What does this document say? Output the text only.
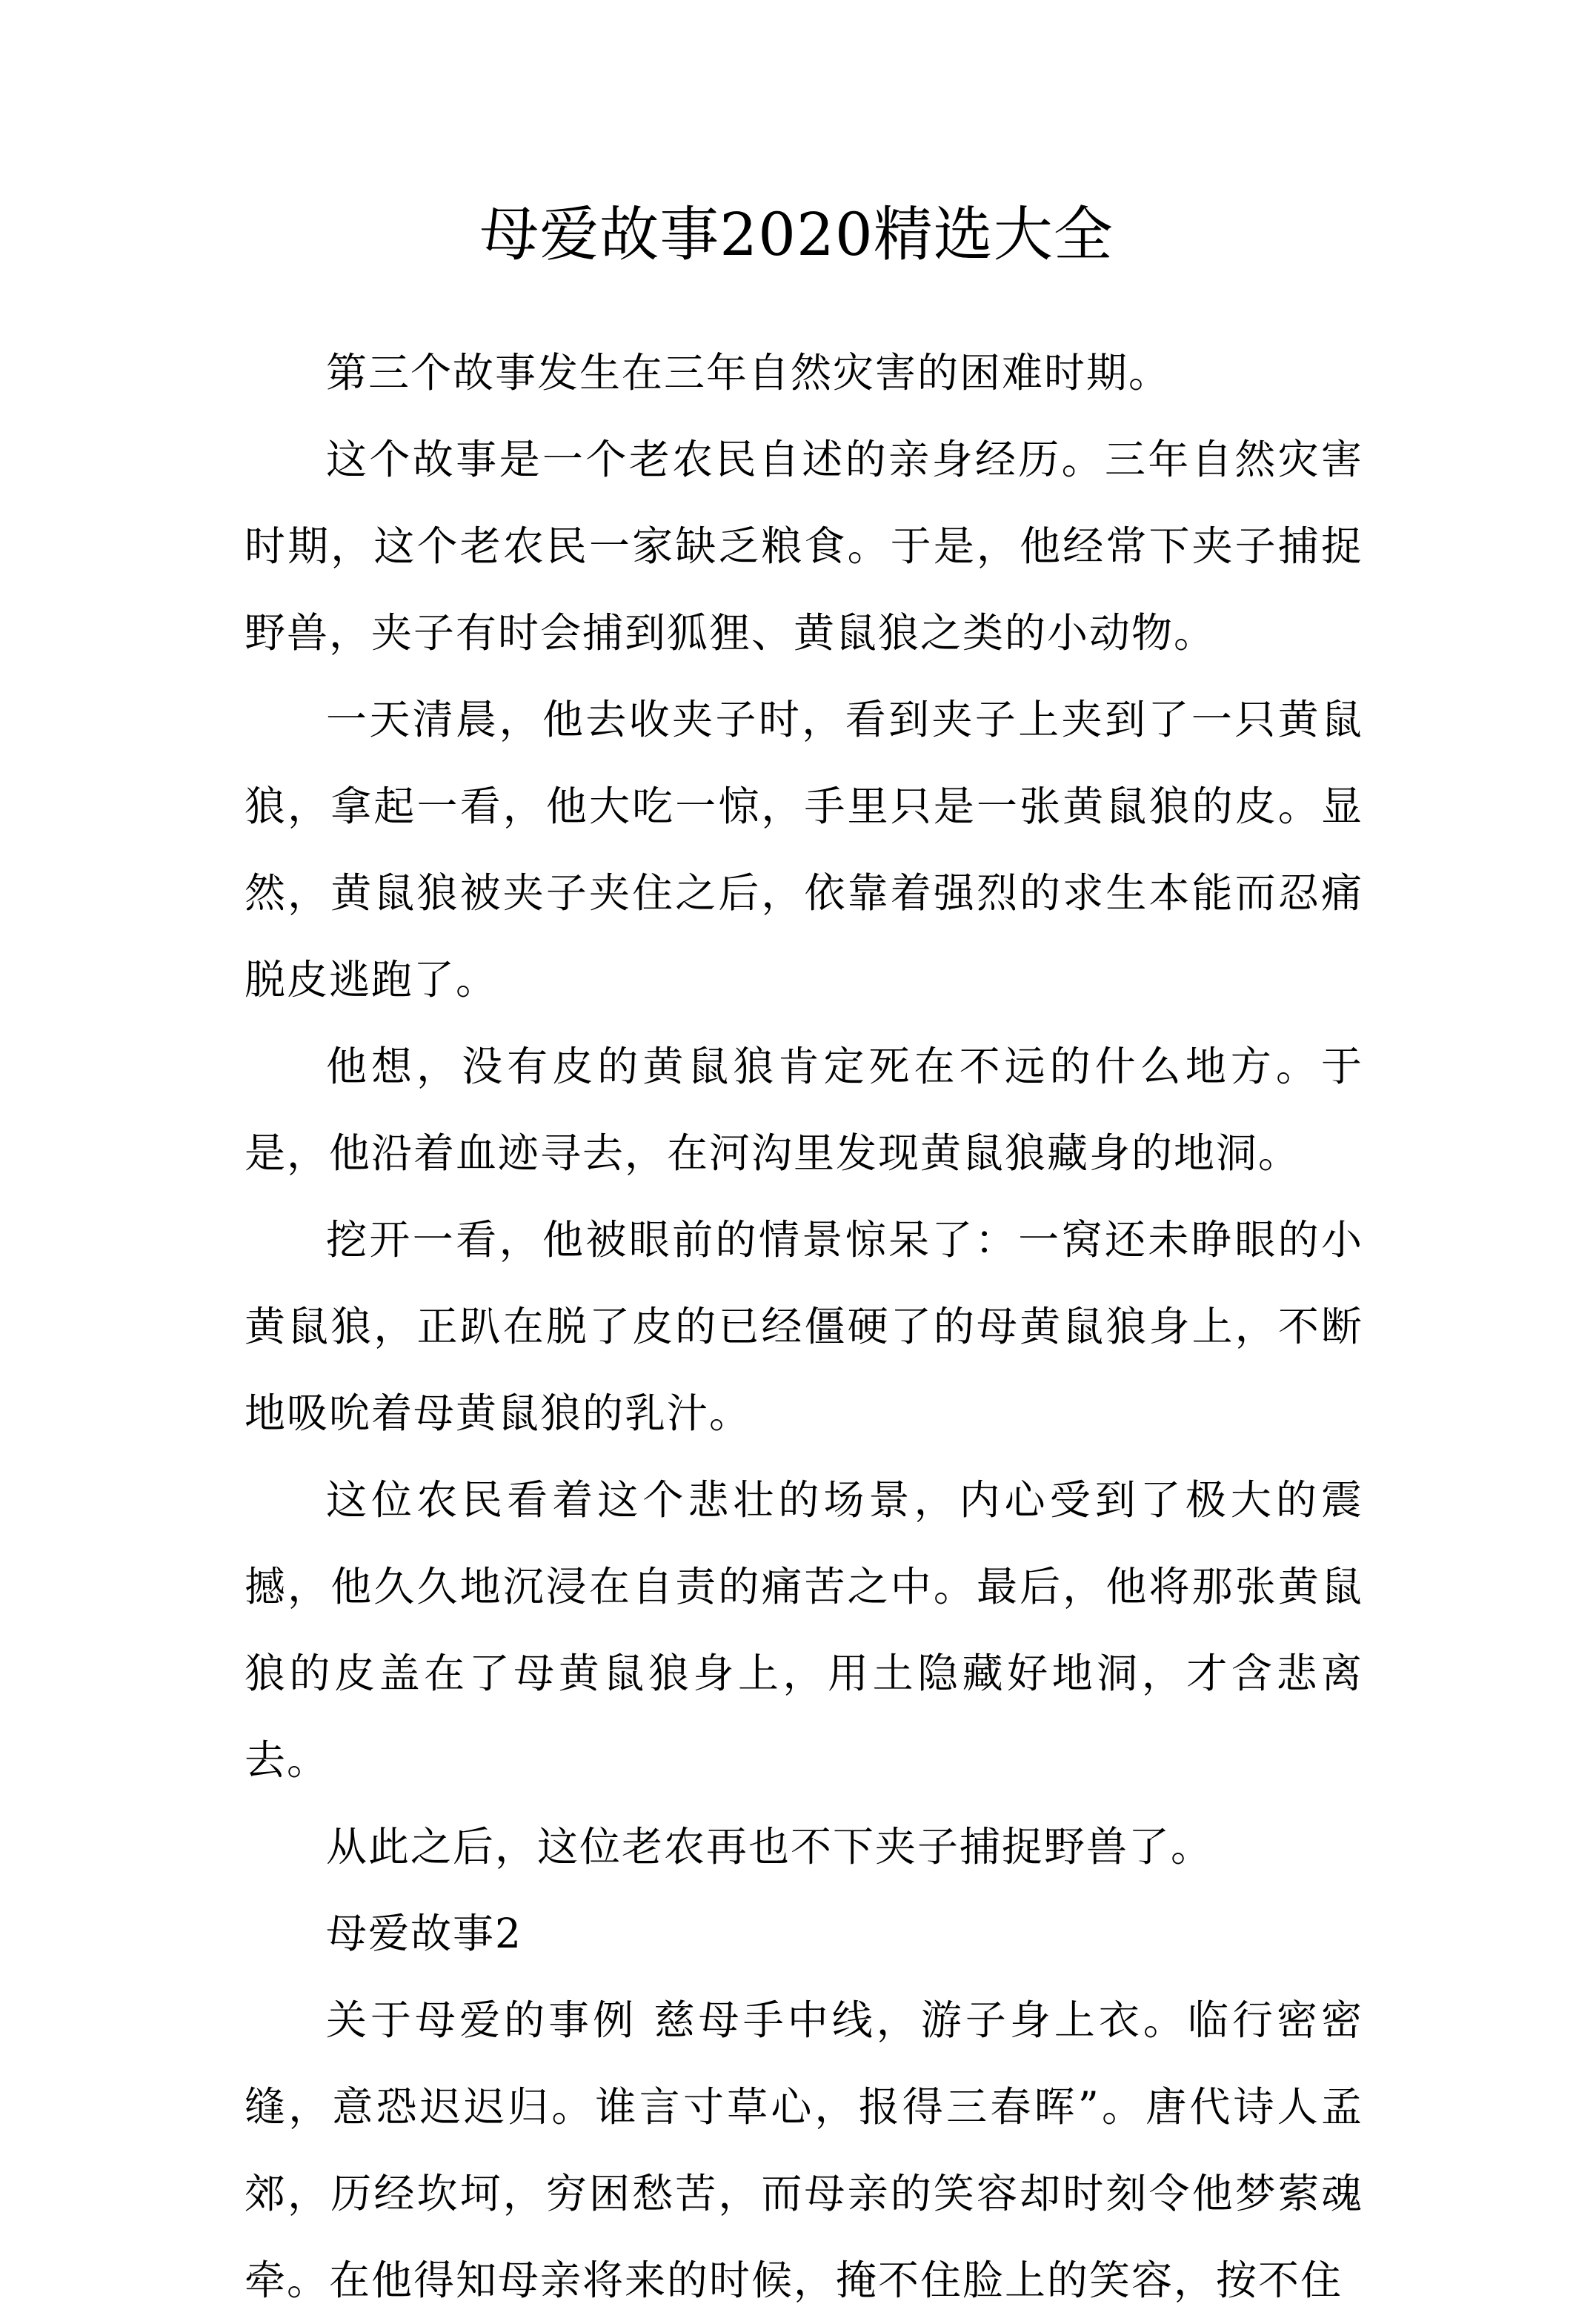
母爱故事2020精选大全

第三个故事发生在三年自然灾害的困难时期。

这个故事是一个老农民自述的亲身经历。三年自然灾害时期，这个老农民一家缺乏粮食。于是，他经常下夹子捕捉野兽，夹子有时会捕到狐狸、黄鼠狼之类的小动物。

一天清晨，他去收夹子时，看到夹子上夹到了一只黄鼠狼，拿起一看，他大吃一惊，手里只是一张黄鼠狼的皮。显然，黄鼠狼被夹子夹住之后，依靠着强烈的求生本能而忍痛脱皮逃跑了。

他想，没有皮的黄鼠狼肯定死在不远的什么地方。于是，他沿着血迹寻去，在河沟里发现黄鼠狼藏身的地洞。

挖开一看，他被眼前的情景惊呆了：一窝还未睁眼的小黄鼠狼，正趴在脱了皮的已经僵硬了的母黄鼠狼身上，不断地吸吮着母黄鼠狼的乳汁。

这位农民看着这个悲壮的场景，内心受到了极大的震撼，他久久地沉浸在自责的痛苦之中。最后，他将那张黄鼠狼的皮盖在了母黄鼠狼身上，用土隐藏好地洞，才含悲离去。

从此之后，这位老农再也不下夹子捕捉野兽了。

母爱故事2

关于母爱的事例 慈母手中线，游子身上衣。临行密密缝，意恐迟迟归。谁言寸草心，报得三春晖”。唐代诗人孟郊，历经坎坷，穷困愁苦，而母亲的笑容却时刻令他梦萦魂牵。在他得知母亲将来的时候，掩不住脸上的笑容，按不住
